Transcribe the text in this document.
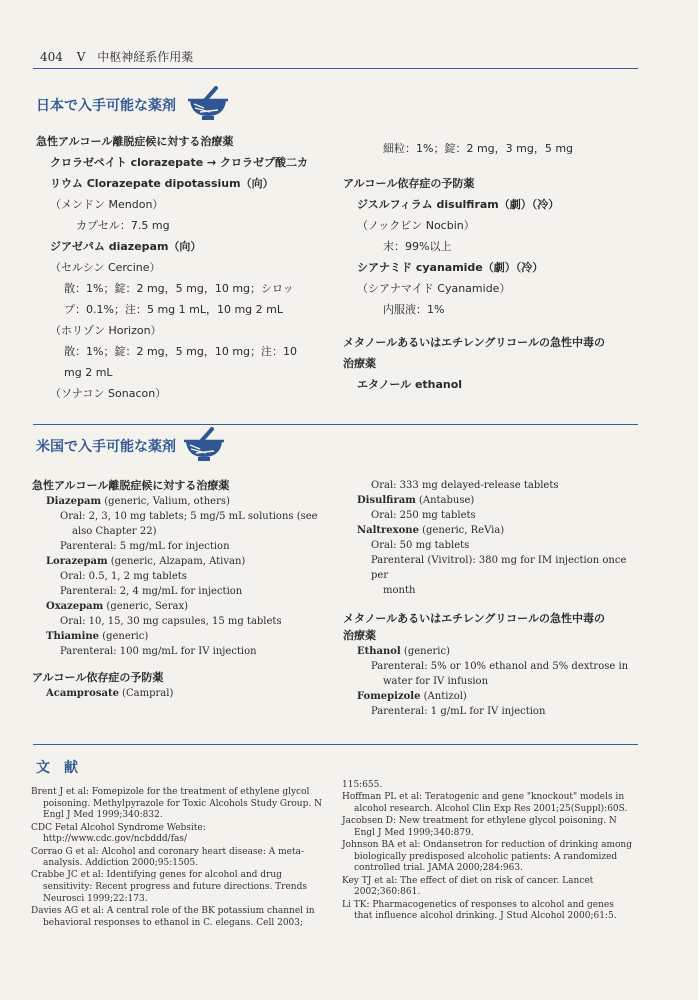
404 V 中枢神経系作用薬
日本で入手可能な薬剤
急性アルコール離脱症候に対する治療薬
クロラゼペイト clorazepate → クロラゼプ酸二カ
リウム Clorazepate dipotassium（向）
（メンドン Mendon）
カプセル：7.5 mg
ジアゼパム diazepam（向）
（セルシン Cercine）
散：1%；錠：2 mg，5 mg，10 mg；シロッ
プ：0.1%；注：5 mg 1 mL，10 mg 2 mL
（ホリゾン Horizon）
散：1%；錠：2 mg，5 mg，10 mg；注：10
mg 2 mL
（ソナコン Sonacon）
細粒：1%；錠：2 mg，3 mg，5 mg
アルコール依存症の予防薬
ジスルフィラム disulfiram（劇）（冷）
（ノックビン Nocbin）
末：99%以上
シアナミド cyanamide（劇）（冷）
（シアナマイド Cyanamide）
内服液：1%
メタノールあるいはエチレングリコールの急性中毒の
治療薬
エタノール ethanol
米国で入手可能な薬剤
急性アルコール離脱症候に対する治療薬
Diazepam (generic, Valium, others)
Oral: 2, 3, 10 mg tablets; 5 mg/5 mL solutions (see
also Chapter 22)
Parenteral: 5 mg/mL for injection
Lorazepam (generic, Alzapam, Ativan)
Oral: 0.5, 1, 2 mg tablets
Parenteral: 2, 4 mg/mL for injection
Oxazepam (generic, Serax)
Oral: 10, 15, 30 mg capsules, 15 mg tablets
Thiamine (generic)
Parenteral: 100 mg/mL for IV injection
アルコール依存症の予防薬
Acamprosate (Campral)
Oral: 333 mg delayed-release tablets
Disulfiram (Antabuse)
Oral: 250 mg tablets
Naltrexone (generic, ReVia)
Oral: 50 mg tablets
Parenteral (Vivitrol): 380 mg for IM injection once per
month
メタノールあるいはエチレングリコールの急性中毒の
治療薬
Ethanol (generic)
Parenteral: 5% or 10% ethanol and 5% dextrose in
water for IV infusion
Fomepizole (Antizol)
Parenteral: 1 g/mL for IV injection
文献
Brent J et al: Fomepizole for the treatment of ethylene glycol poisoning. Methylpyrazole for Toxic Alcohols Study Group. N Engl J Med 1999;340:832.
CDC Fetal Alcohol Syndrome Website: http://www.cdc.gov/ncbddd/fas/
Corrao G et al: Alcohol and coronary heart disease: A meta-analysis. Addiction 2000;95:1505.
Crabbe JC et al: Identifying genes for alcohol and drug sensitivity: Recent progress and future directions. Trends Neurosci 1999;22:173.
Davies AG et al: A central role of the BK potassium channel in behavioral responses to ethanol in C. elegans. Cell 2003;
115:655.
Hoffman PL et al: Teratogenic and gene "knockout" models in alcohol research. Alcohol Clin Exp Res 2001;25(Suppl):60S.
Jacobsen D: New treatment for ethylene glycol poisoning. N Engl J Med 1999;340:879.
Johnson BA et al: Ondansetron for reduction of drinking among biologically predisposed alcoholic patients: A randomized controlled trial. JAMA 2000;284:963.
Key TJ et al: The effect of diet on risk of cancer. Lancet 2002;360:861.
Li TK: Pharmacogenetics of responses to alcohol and genes that influence alcohol drinking. J Stud Alcohol 2000;61:5.
